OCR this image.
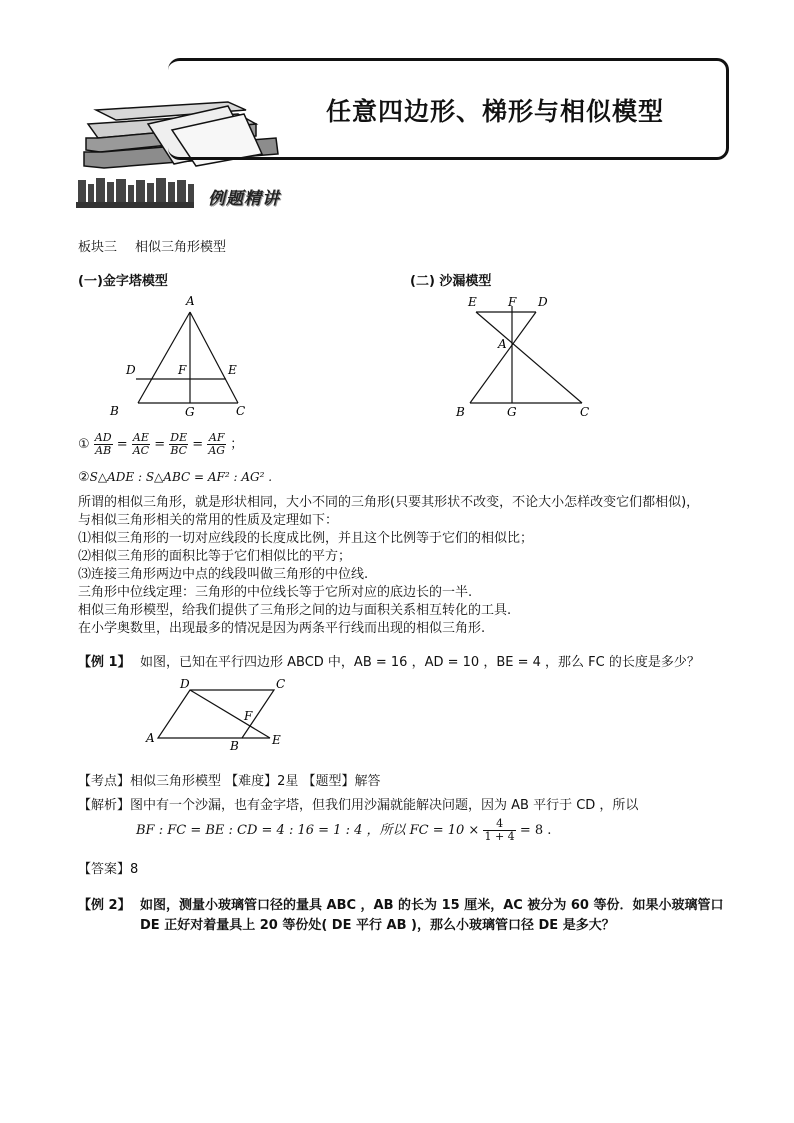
任意四边形、梯形与相似模型
例题精讲
板块三 相似三角形模型
(一)金字塔模型	(二) 沙漏模型
A
D	F	E
B	G	C
E	F D
A
B	G	C
① $\frac{AD}{AB} = \frac{AE}{AC} = \frac{DE}{BC} = \frac{AF}{AG}$ ；
②S△ADE : S△ABC = AF² : AG² .
所谓的相似三角形，就是形状相同，大小不同的三角形(只要其形状不改变，不论大小怎样改变它们都相似)，
与相似三角形相关的常用的性质及定理如下：
⑴相似三角形的一切对应线段的长度成比例，并且这个比例等于它们的相似比；
⑵相似三角形的面积比等于它们相似比的平方；
⑶连接三角形两边中点的线段叫做三角形的中位线.
三角形中位线定理：三角形的中位线长等于它所对应的底边长的一半.
相似三角形模型，给我们提供了三角形之间的边与面积关系相互转化的工具.
在小学奥数里，出现最多的情况是因为两条平行线而出现的相似三角形.
【例 1】 如图，已知在平行四边形 ABCD 中，AB = 16 ，AD = 10 ，BE = 4 ，那么 FC 的长度是多少？
D	C
F
A
B	E
【考点】相似三角形模型 【难度】2星 【题型】解答
【解析】图中有一个沙漏，也有金字塔，但我们用沙漏就能解决问题，因为 AB 平行于 CD ，所以
BF : FC = BE : CD = 4 : 16 = 1 : 4 ，所以 FC = $10 \times \frac{4}{1 + 4} = 8$ .
【答案】8
【例 2】 如图，测量小玻璃管口径的量具 ABC ，AB 的长为 15 厘米，AC 被分为 60 等份．如果小玻璃管口
DE 正好对着量具上 20 等份处( DE 平行 AB )，那么小玻璃管口径 DE 是多大？
